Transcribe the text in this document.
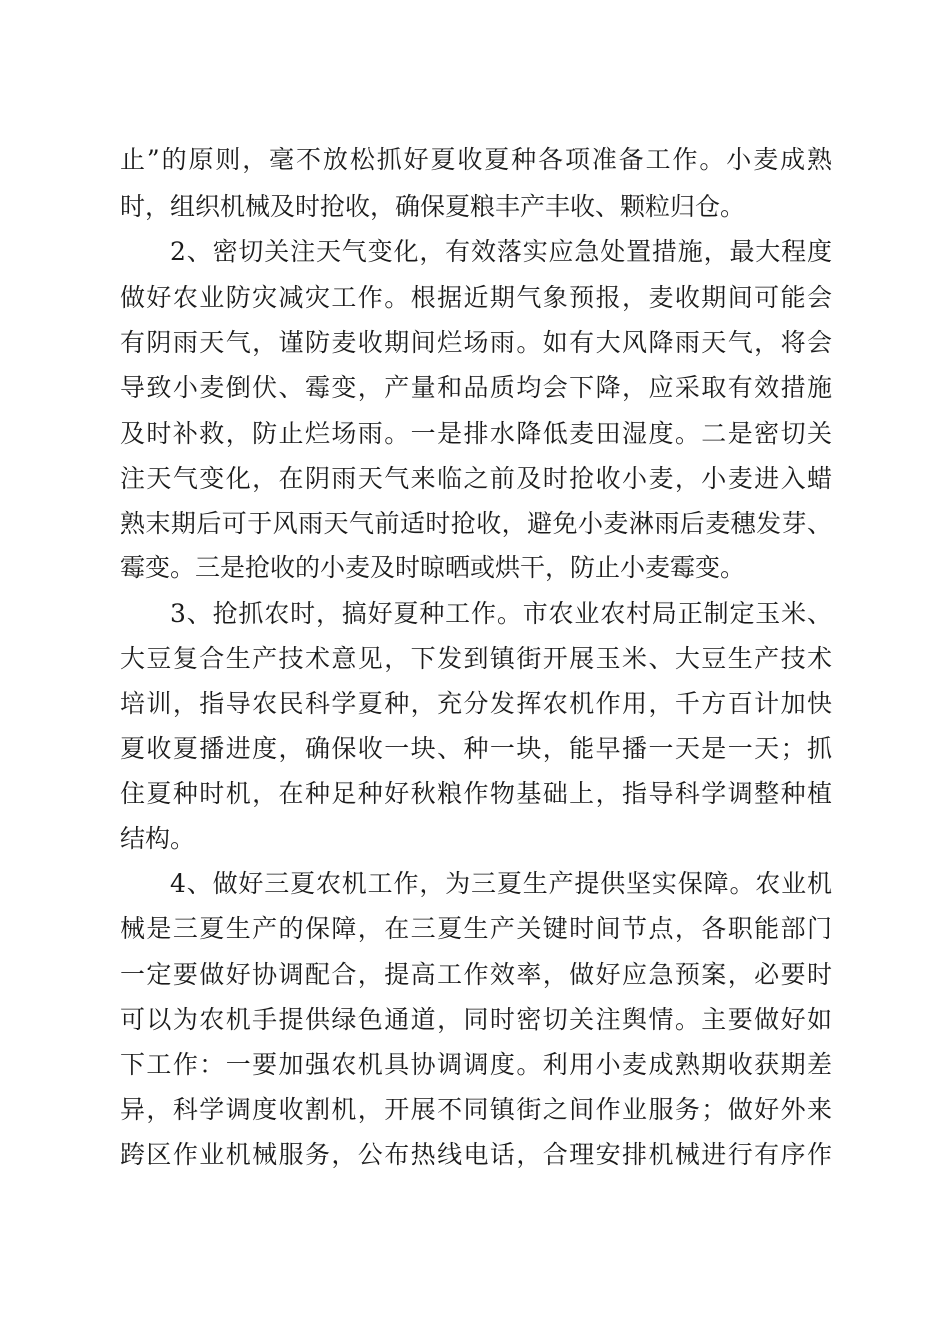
止”的原则，毫不放松抓好夏收夏种各项准备工作。小麦成熟
时，组织机械及时抢收，确保夏粮丰产丰收、颗粒归仓。
2、密切关注天气变化，有效落实应急处置措施，最大程度
做好农业防灾减灾工作。根据近期气象预报，麦收期间可能会
有阴雨天气，谨防麦收期间烂场雨。如有大风降雨天气，将会
导致小麦倒伏、霉变，产量和品质均会下降，应采取有效措施
及时补救，防止烂场雨。一是排水降低麦田湿度。二是密切关
注天气变化，在阴雨天气来临之前及时抢收小麦，小麦进入蜡
熟末期后可于风雨天气前适时抢收，避免小麦淋雨后麦穗发芽、
霉变。三是抢收的小麦及时晾晒或烘干，防止小麦霉变。
3、抢抓农时，搞好夏种工作。市农业农村局正制定玉米、
大豆复合生产技术意见，下发到镇街开展玉米、大豆生产技术
培训，指导农民科学夏种，充分发挥农机作用，千方百计加快
夏收夏播进度，确保收一块、种一块，能早播一天是一天；抓
住夏种时机，在种足种好秋粮作物基础上，指导科学调整种植
结构。
4、做好三夏农机工作，为三夏生产提供坚实保障。农业机
械是三夏生产的保障，在三夏生产关键时间节点，各职能部门
一定要做好协调配合，提高工作效率，做好应急预案，必要时
可以为农机手提供绿色通道，同时密切关注舆情。主要做好如
下工作：一要加强农机具协调调度。利用小麦成熟期收获期差
异，科学调度收割机，开展不同镇街之间作业服务；做好外来
跨区作业机械服务，公布热线电话，合理安排机械进行有序作
